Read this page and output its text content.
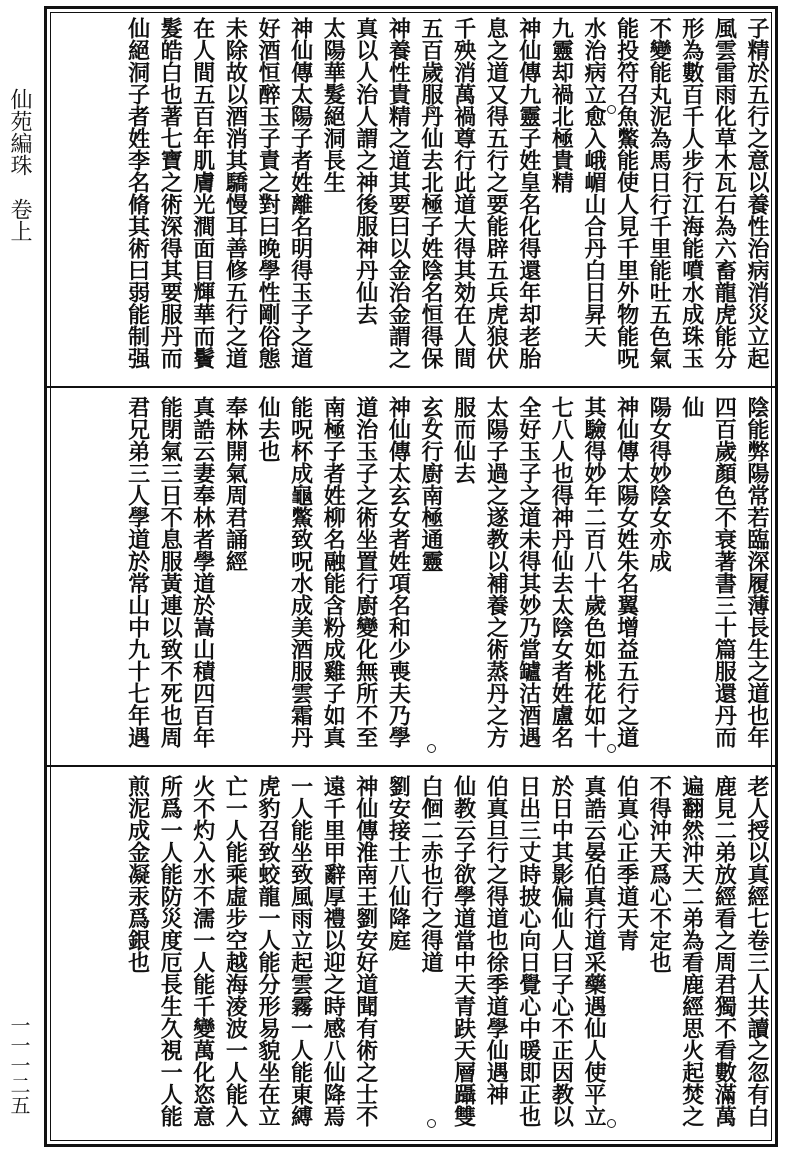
仙苑編珠　卷上
一一一二五
子精於五行之意以養性治病消災立起
風雲雷雨化草木瓦石為六畜龍虎能分
形為數百千人步行江海能噴水成珠玉
不變能丸泥為馬日行千里能吐五色氣
能投符召魚鱉能使人見千里外物能呪
水治病立愈入峨嵋山合丹白日昇天
九靈却禍北極貴精
神仙傳九靈子姓皇名化得還年却老胎
息之道又得五行之要能辟五兵虎狼伏
千殃消萬禍尊行此道大得其効在人間
五百歲服丹仙去北極子姓陰名恒得保
神養性貴精之道其要曰以金治金謂之
真以人治人謂之神後服神丹仙去
太陽華髮絕洞長生
神仙傳太陽子者姓離名明得玉子之道
好酒恒醉玉子責之對曰晚學性剛俗態
未除故以酒消其驕慢耳善修五行之道
在人間五百年肌膚光澗面目輝華而鬢
髮皓白也著七寶之術深得其要服丹而
仙絕洞子者姓李名脩其術曰弱能制强
陰能弊陽常若臨深履薄長生之道也年
四百歲顏色不衰著書三十篇服還丹而
仙
陽女得妙陰女亦成
神仙傳太陽女姓朱名翼增益五行之道
其驗得妙年二百八十歲色如桃花如十
七八人也得神丹仙去太陰女者姓盧名
全好玉子之道未得其妙乃當罏沽酒遇
太陽子過之遂教以補養之術蒸丹之方
服而仙去
玄女行廚南極通靈
神仙傳太玄女者姓項名和少喪夫乃學
道治玉子之術坐置行廚變化無所不至
南極子者姓柳名融能含粉成雞子如真
能呪杯成龜鱉致呪水成美酒服雲霜丹
仙去也
奉林開氣周君誦經
真誥云妻奉林者學道於嵩山積四百年
能閉氣三日不息服黃連以致不死也周
君兄弟三人學道於常山中九十七年遇
老人授以真經七卷三人共讀之忽有白
鹿見二弟放經看之周君獨不看數滿萬
遍翻然沖天二弟為看鹿經思火起焚之
不得沖天爲心不定也
伯真心正季道天青
真誥云晏伯真行道采藥遇仙人使平立
於日中其影偏仙人曰子心不正因教以
日出三丈時披心向日覺心中暖即正也
伯真旦行之得道也徐季道學仙遇神
仙教云子欲學道當中天青趺天層躡雙
白佪二赤也行之得道
劉安接士八仙降庭
神仙傳淮南王劉安好道聞有術之士不
遠千里甲辭厚禮以迎之時感八仙降焉
一人能坐致風雨立起雲霧一人能東縛
虎豹召致蛟龍一人能分形易貌坐在立
亡一人能乘虛步空越海淩波一人能入
火不灼入水不濡一人能千變萬化恣意
所爲一人能防災度厄長生久視一人能
煎泥成金凝汞爲銀也
